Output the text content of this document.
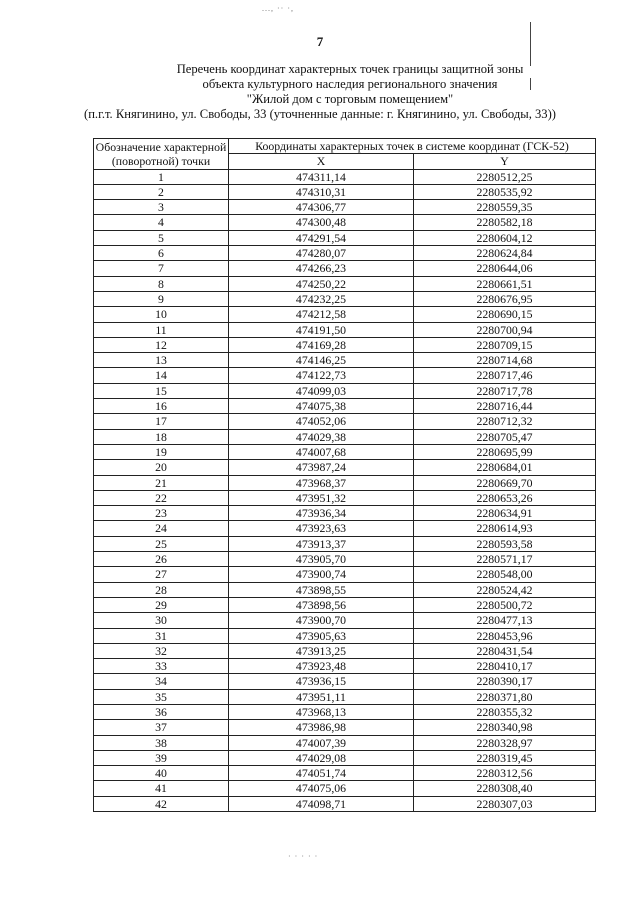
..., ·· ·,
7
Перечень координат характерных точек границы защитной зоны
объекта культурного наследия регионального значения
"Жилой дом с торговым помещением"
(п.г.т. Княгинино, ул. Свободы, 33 (уточненные данные: г. Княгинино, ул. Свободы, 33))
Обозначение характерной (поворотной) точки	Координаты характерных точек в системе координат (ГСК-52)	
	X	Y
1	474311,14	2280512,25
2	474310,31	2280535,92
3	474306,77	2280559,35
4	474300,48	2280582,18
5	474291,54	2280604,12
6	474280,07	2280624,84
7	474266,23	2280644,06
8	474250,22	2280661,51
9	474232,25	2280676,95
10	474212,58	2280690,15
11	474191,50	2280700,94
12	474169,28	2280709,15
13	474146,25	2280714,68
14	474122,73	2280717,46
15	474099,03	2280717,78
16	474075,38	2280716,44
17	474052,06	2280712,32
18	474029,38	2280705,47
19	474007,68	2280695,99
20	473987,24	2280684,01
21	473968,37	2280669,70
22	473951,32	2280653,26
23	473936,34	2280634,91
24	473923,63	2280614,93
25	473913,37	2280593,58
26	473905,70	2280571,17
27	473900,74	2280548,00
28	473898,55	2280524,42
29	473898,56	2280500,72
30	473900,70	2280477,13
31	473905,63	2280453,96
32	473913,25	2280431,54
33	473923,48	2280410,17
34	473936,15	2280390,17
35	473951,11	2280371,80
36	473968,13	2280355,32
37	473986,98	2280340,98
38	474007,39	2280328,97
39	474029,08	2280319,45
40	474051,74	2280312,56
41	474075,06	2280308,40
42	474098,71	2280307,03
· · · · ·
